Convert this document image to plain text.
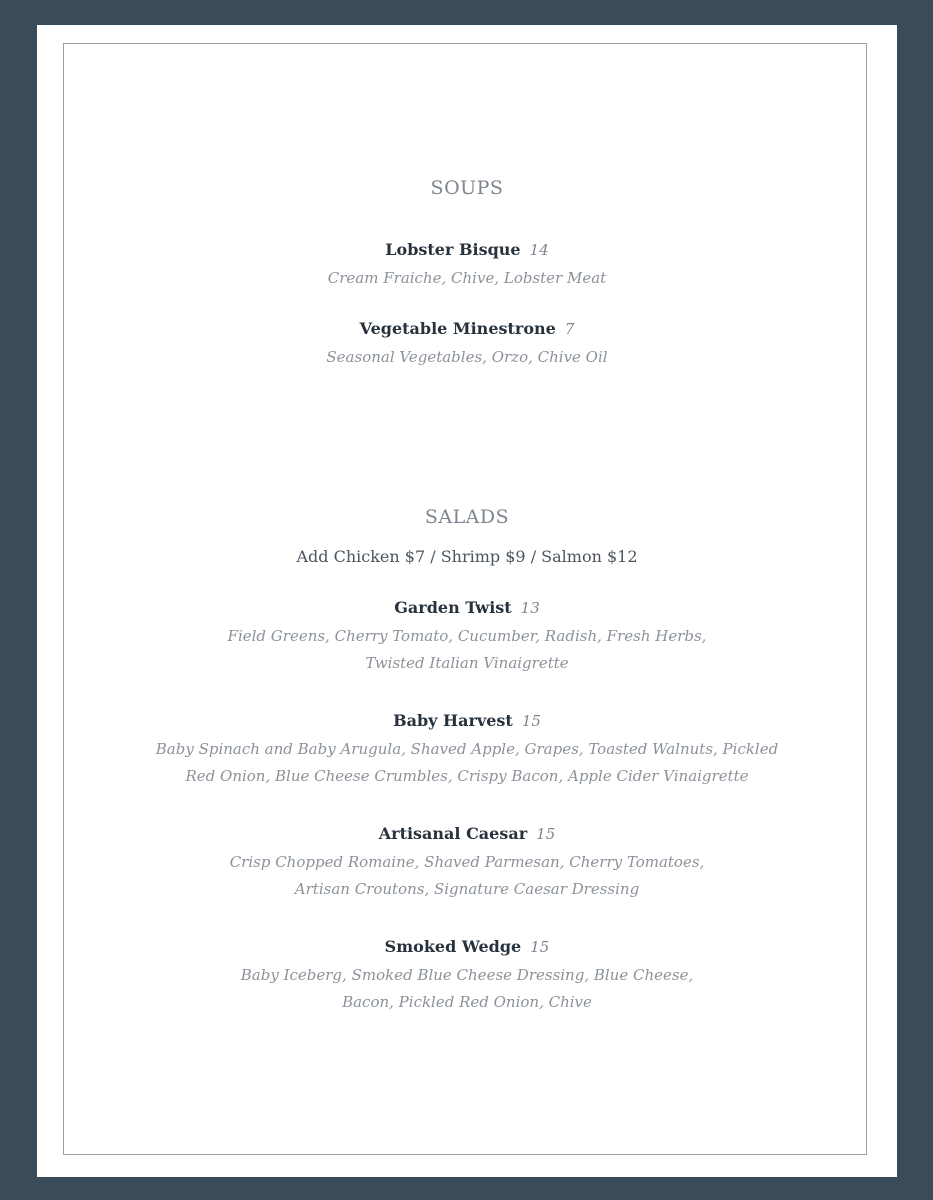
SOUPS
Lobster Bisque 14
Cream Fraiche, Chive, Lobster Meat
Vegetable Minestrone 7
Seasonal Vegetables, Orzo, Chive Oil
SALADS
Add Chicken $7 / Shrimp $9 / Salmon $12
Garden Twist 13
Field Greens, Cherry Tomato, Cucumber, Radish, Fresh Herbs,
Twisted Italian Vinaigrette
Baby Harvest 15
Baby Spinach and Baby Arugula, Shaved Apple, Grapes, Toasted Walnuts, Pickled
Red Onion, Blue Cheese Crumbles, Crispy Bacon, Apple Cider Vinaigrette
Artisanal Caesar 15
Crisp Chopped Romaine, Shaved Parmesan, Cherry Tomatoes,
Artisan Croutons, Signature Caesar Dressing
Smoked Wedge 15
Baby Iceberg, Smoked Blue Cheese Dressing, Blue Cheese,
Bacon, Pickled Red Onion, Chive
